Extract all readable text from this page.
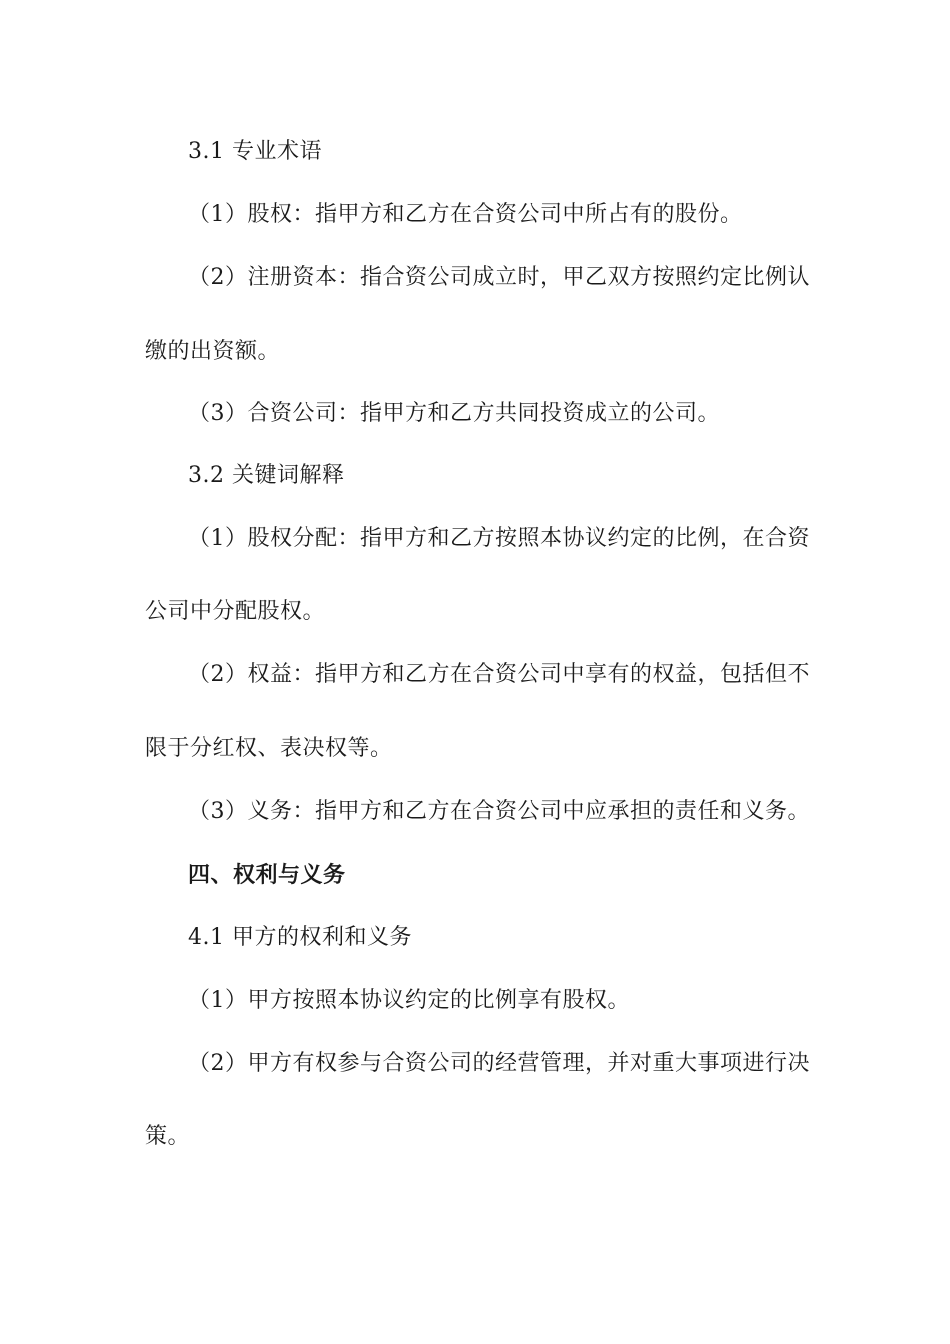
3.1 专业术语
（1）股权：指甲方和乙方在合资公司中所占有的股份。
（2）注册资本：指合资公司成立时，甲乙双方按照约定比例认
缴的出资额。
（3）合资公司：指甲方和乙方共同投资成立的公司。
3.2 关键词解释
（1）股权分配：指甲方和乙方按照本协议约定的比例，在合资
公司中分配股权。
（2）权益：指甲方和乙方在合资公司中享有的权益，包括但不
限于分红权、表决权等。
（3）义务：指甲方和乙方在合资公司中应承担的责任和义务。
四、权利与义务
4.1 甲方的权利和义务
（1）甲方按照本协议约定的比例享有股权。
（2）甲方有权参与合资公司的经营管理，并对重大事项进行决
策。
